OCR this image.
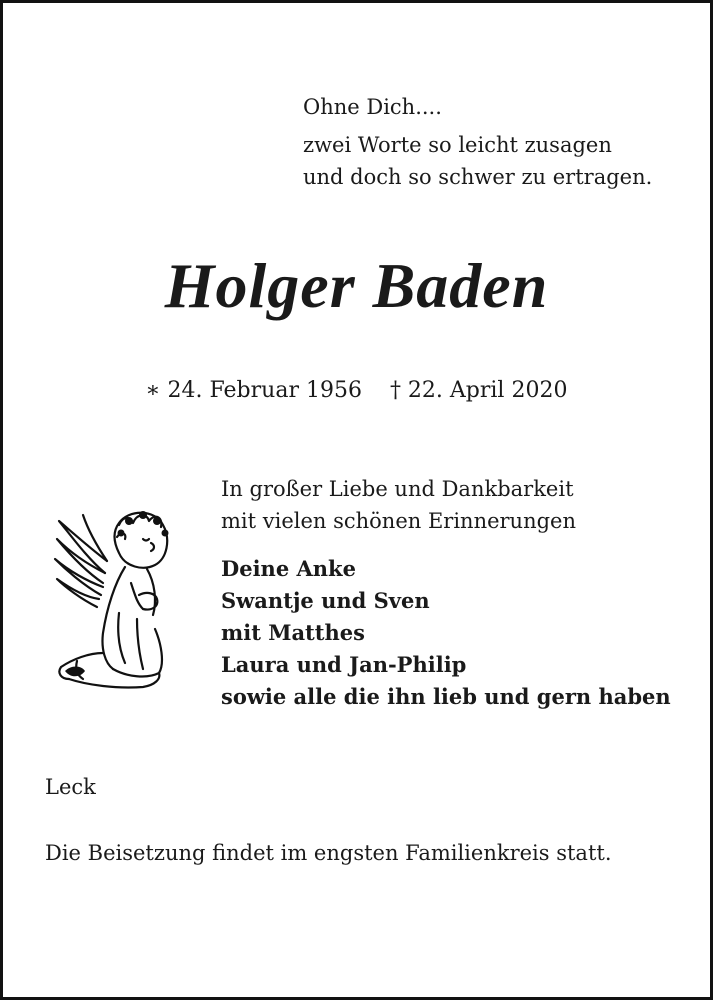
Ohne Dich....
zwei Worte so leicht zusagen
und doch so schwer zu ertragen.
Holger Baden
∗ 24. Februar 1956 † 22. April 2020
In großer Liebe und Dankbarkeit
mit vielen schönen Erinnerungen
Deine Anke
Swantje und Sven
mit Matthes
Laura und Jan-Philip
sowie alle die ihn lieb und gern haben
Leck
Die Beisetzung findet im engsten Familienkreis statt.
